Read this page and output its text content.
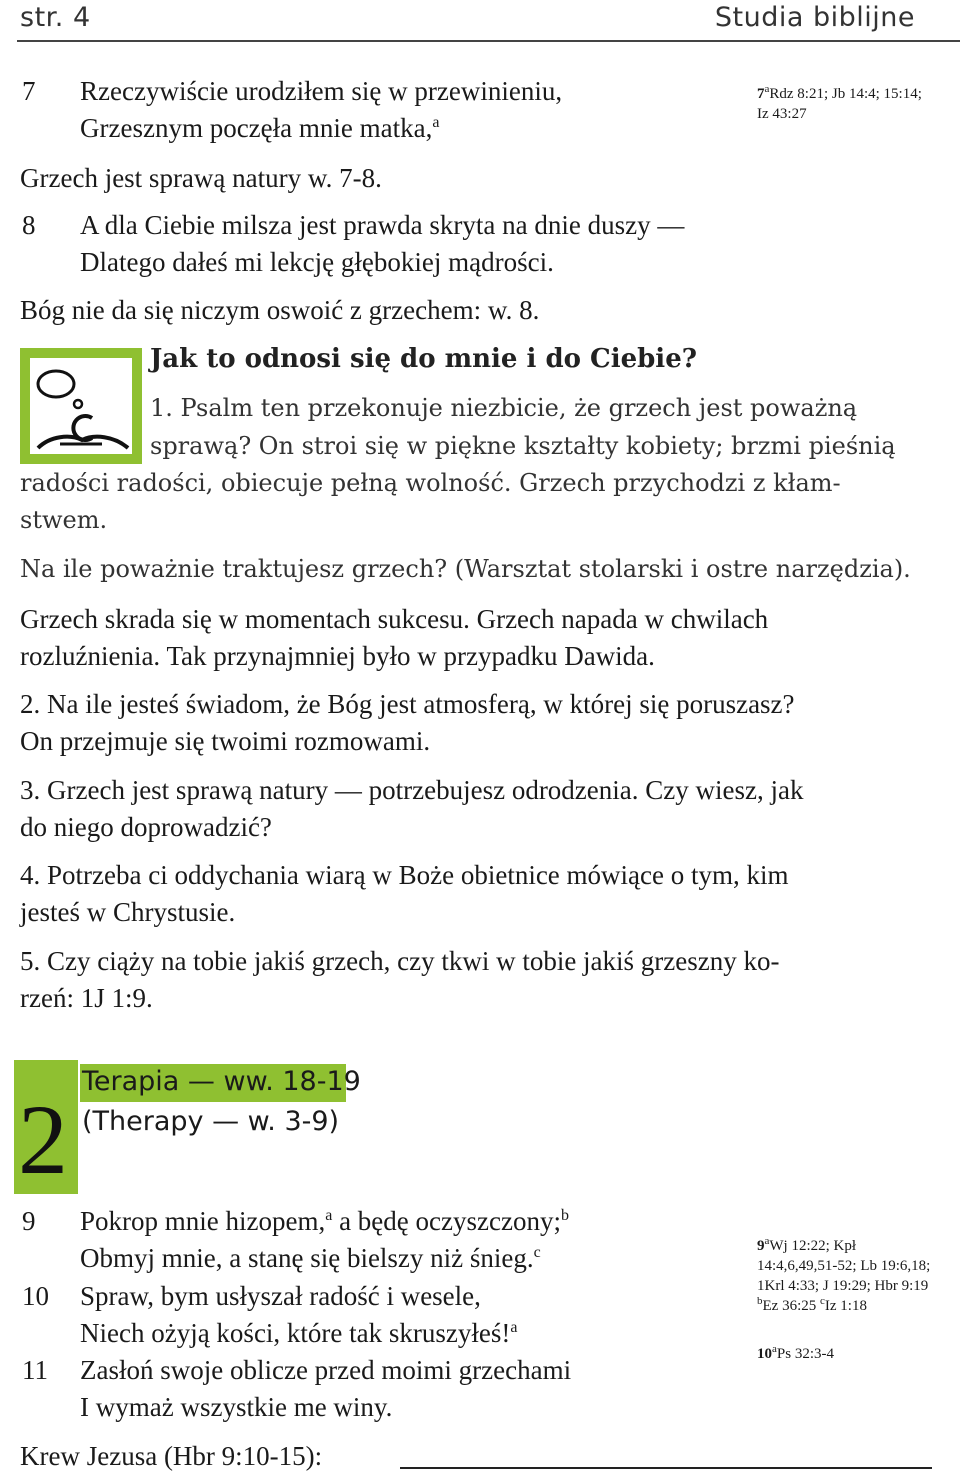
str. 4	Studia biblijne
7 Rzeczywiście urodziłem się w przewinieniu,
Grzesznym poczęła mnie matka,$^a$
7$^a$Rdz 8:21; Jb 14:4; 15:14;
Iz 43:27
Grzech jest sprawą natury w. 7-8.
8 A dla Ciebie milsza jest prawda skryta na dnie duszy —
Dlatego dałeś mi lekcję głębokiej mądrości.
Bóg nie da się niczym oswoić z grzechem: w. 8.
Jak to odnosi się do mnie i do Ciebie?
1. Psalm ten przekonuje niezbicie, że grzech jest poważną
sprawą? On stroi się w piękne kształty kobiety; brzmi pieśnią
radości radości, obiecuje pełną wolność. Grzech przychodzi z kłam-
stwem.
Na ile poważnie traktujesz grzech? (Warsztat stolarski i ostre narzędzia).
Grzech skrada się w momentach sukcesu. Grzech napada w chwilach
rozluźnienia. Tak przynajmniej było w przypadku Dawida.
2. Na ile jesteś świadom, że Bóg jest atmosferą, w której się poruszasz?
On przejmuje się twoimi rozmowami.
3. Grzech jest sprawą natury — potrzebujesz odrodzenia. Czy wiesz, jak
do niego doprowadzić?
4. Potrzeba ci oddychania wiarą w Boże obietnice mówiące o tym, kim
jesteś w Chrystusie.
5. Czy ciąży na tobie jakiś grzech, czy tkwi w tobie jakiś grzeszny ko-
rzeń: 1J 1:9.
2
Terapia — ww. 18-19
(Therapy — w. 3-9)
9 Pokrop mnie hizopem,$^a$ a będę oczyszczony;$^b$
Obmyj mnie, a stanę się bielszy niż śnieg.$^c$
10 Spraw, bym usłyszał radość i wesele,
Niech ożyją kości, które tak skruszyłeś!$^a$
11 Zasłoń swoje oblicze przed moimi grzechami
I wymaż wszystkie me winy.
9$^a$Wj 12:22; Kpł
14:4,6,49,51-52; Lb 19:6,18;
1Krl 4:33; J 19:29; Hbr 9:19
$^b$Ez 36:25 $^c$Iz 1:18
10$^a$Ps 32:3-4
Krew Jezusa (Hbr 9:10-15):
